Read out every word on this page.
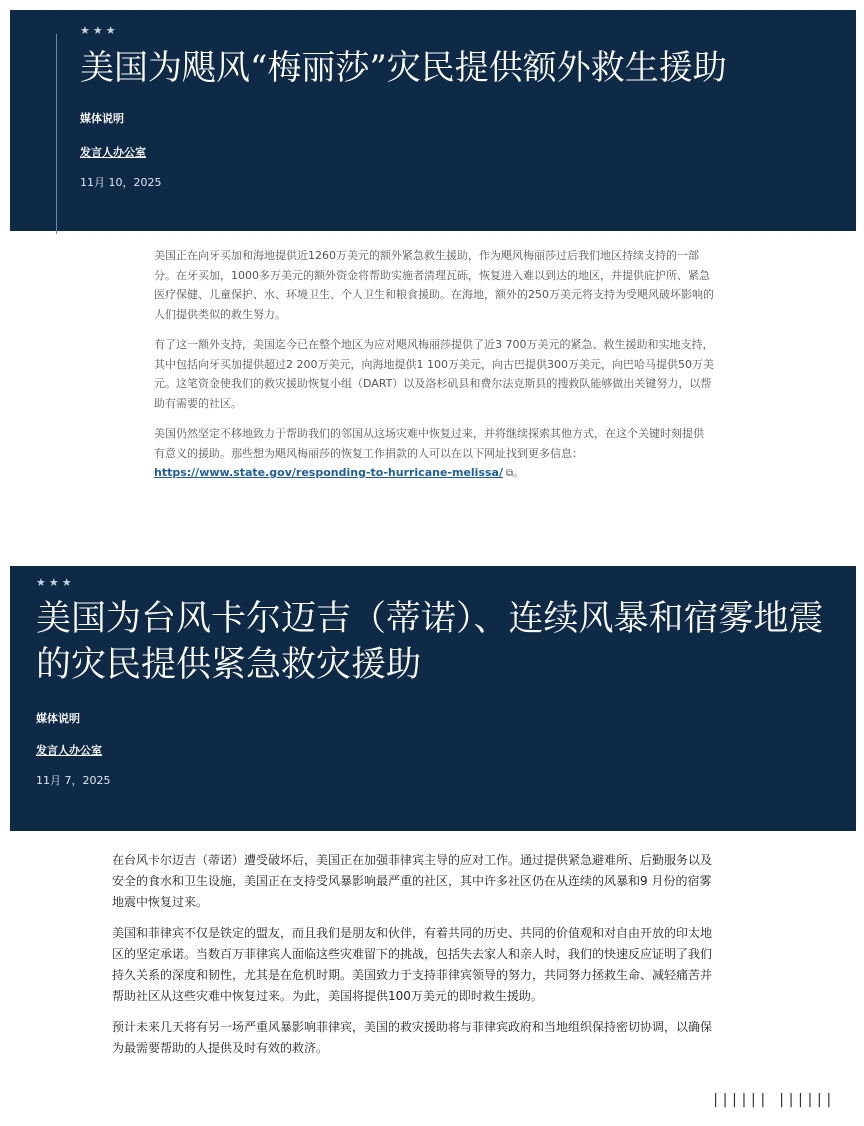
★★★
美国为飓风“梅丽莎”灾民提供额外救生援助
媒体说明
发言人办公室
11月 10，2025

美国正在向牙买加和海地提供近1260万美元的额外紧急救生援助，作为飓风梅丽莎过后我们地区持续支持的一部分。在牙买加，1000多万美元的额外资金将帮助实施者清理瓦砾，恢复进入难以到达的地区，并提供庇护所、紧急医疗保健、儿童保护、水、环境卫生、个人卫生和粮食援助。在海地，额外的250万美元将支持为受飓风破坏影响的人们提供类似的救生努力。

有了这一额外支持，美国迄今已在整个地区为应对飓风梅丽莎提供了近3 700万美元的紧急、救生援助和实地支持，其中包括向牙买加提供超过2 200万美元，向海地提供1 100万美元，向古巴提供300万美元，向巴哈马提供50万美元。这笔资金使我们的救灾援助恢复小组（DART）以及洛杉矶县和费尔法克斯县的搜救队能够做出关键努力，以帮助有需要的社区。

美国仍然坚定不移地致力于帮助我们的邻国从这场灾难中恢复过来，并将继续探索其他方式，在这个关键时刻提供有意义的援助。那些想为飓风梅丽莎的恢复工作捐款的人可以在以下网址找到更多信息：https://www.state.gov/responding-to-hurricane-melissa/ ⧉。

★★★
美国为台风卡尔迈吉（蒂诺）、连续风暴和宿雾地震的灾民提供紧急救灾援助
媒体说明
发言人办公室
11月 7，2025

在台风卡尔迈吉（蒂诺）遭受破坏后，美国正在加强菲律宾主导的应对工作。通过提供紧急避难所、后勤服务以及安全的食水和卫生设施，美国正在支持受风暴影响最严重的社区，其中许多社区仍在从连续的风暴和9 月份的宿雾地震中恢复过来。

美国和菲律宾不仅是铁定的盟友，而且我们是朋友和伙伴，有着共同的历史、共同的价值观和对自由开放的印太地区的坚定承诺。当数百万菲律宾人面临这些灾难留下的挑战，包括失去家人和亲人时，我们的快速反应证明了我们持久关系的深度和韧性，尤其是在危机时期。美国致力于支持菲律宾领导的努力，共同努力拯救生命、减轻痛苦并帮助社区从这些灾难中恢复过来。为此，美国将提供100万美元的即时救生援助。

预计未来几天将有另一场严重风暴影响菲律宾，美国的救灾援助将与菲律宾政府和当地组织保持密切协调，以确保为最需要帮助的人提供及时有效的救济。

|||||| ||||||
